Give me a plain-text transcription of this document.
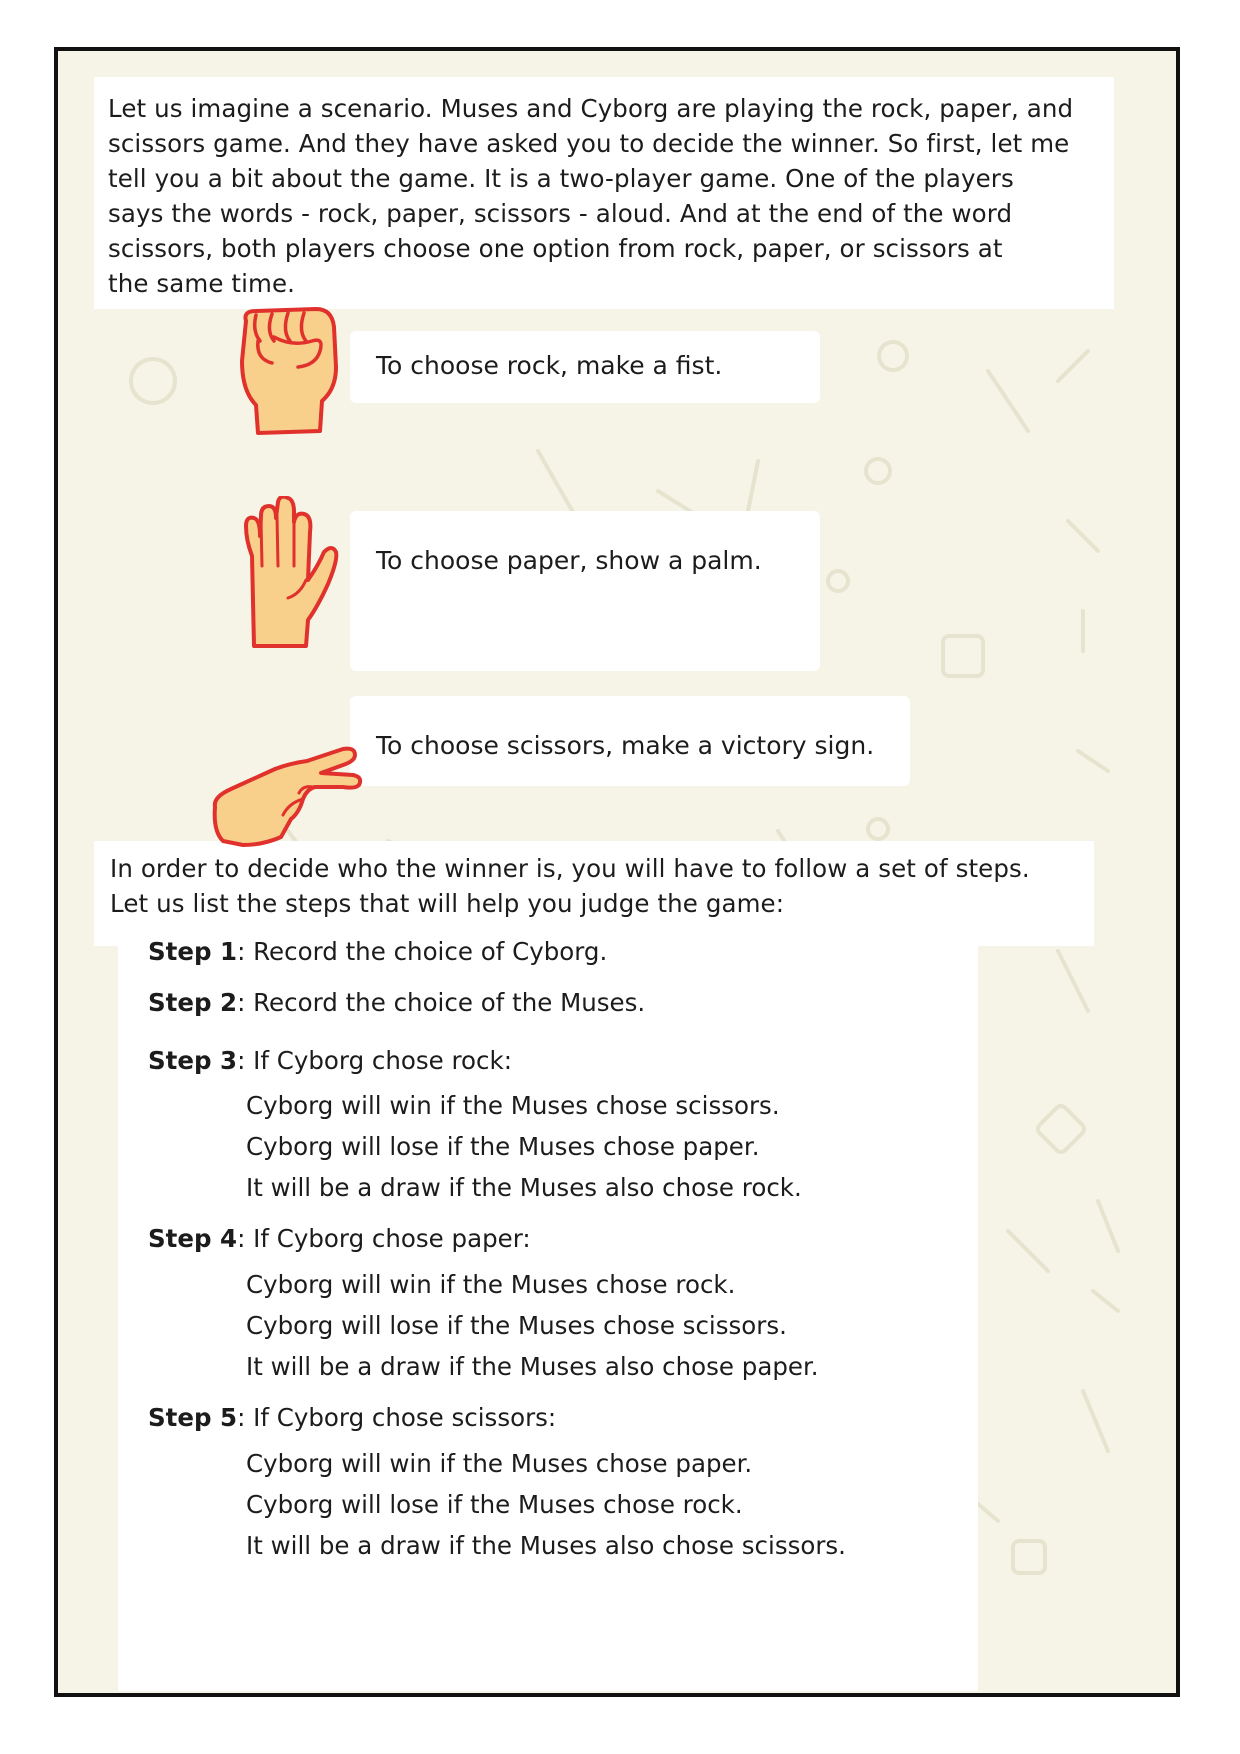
Let us imagine a scenario. Muses and Cyborg are playing the rock, paper, and
scissors game. And they have asked you to decide the winner. So first, let me
tell you a bit about the game. It is a two-player game. One of the players
says the words - rock, paper, scissors - aloud. And at the end of the word
scissors, both players choose one option from rock, paper, or scissors at
the same time.
To choose rock, make a fist.
To choose paper, show a palm.
To choose scissors, make a victory sign.
In order to decide who the winner is, you will have to follow a set of steps.
Let us list the steps that will help you judge the game:
Step 1: Record the choice of Cyborg.
Step 2: Record the choice of the Muses.
Step 3: If Cyborg chose rock:
Cyborg will win if the Muses chose scissors.
Cyborg will lose if the Muses chose paper.
It will be a draw if the Muses also chose rock.
Step 4: If Cyborg chose paper:
Cyborg will win if the Muses chose rock.
Cyborg will lose if the Muses chose scissors.
It will be a draw if the Muses also chose paper.
Step 5: If Cyborg chose scissors:
Cyborg will win if the Muses chose paper.
Cyborg will lose if the Muses chose rock.
It will be a draw if the Muses also chose scissors.
